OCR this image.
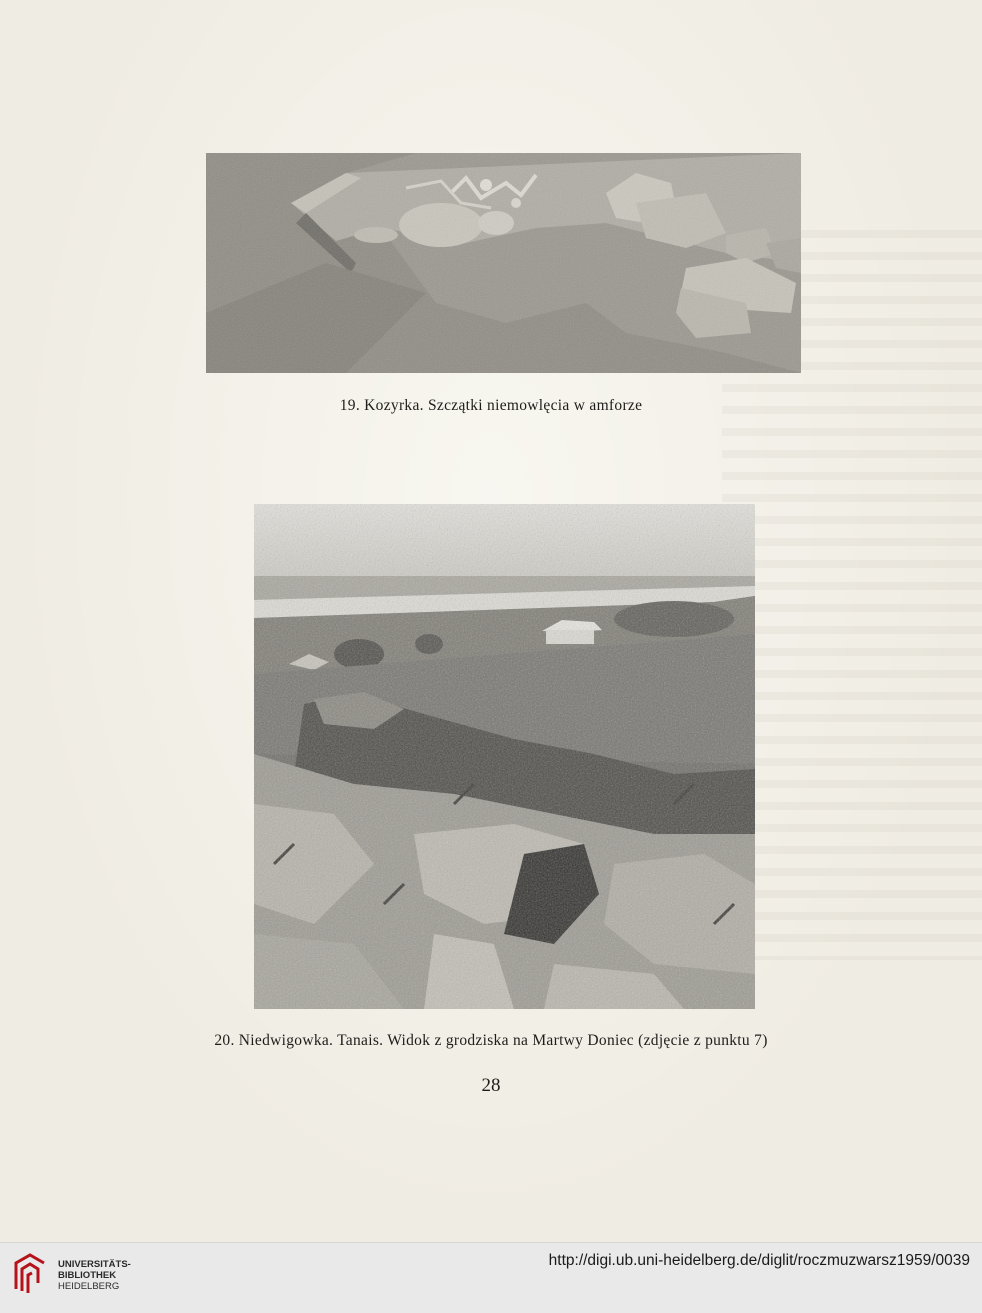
19. Kozyrka. Szczątki niemowlęcia w amforze
20. Niedwigowka. Tanais. Widok z grodziska na Martwy Doniec (zdjęcie z punktu 7)
28
UNIVERSITÄTS-
BIBLIOTHEK
HEIDELBERG
http://digi.ub.uni-heidelberg.de/diglit/roczmuzwarsz1959/0039
